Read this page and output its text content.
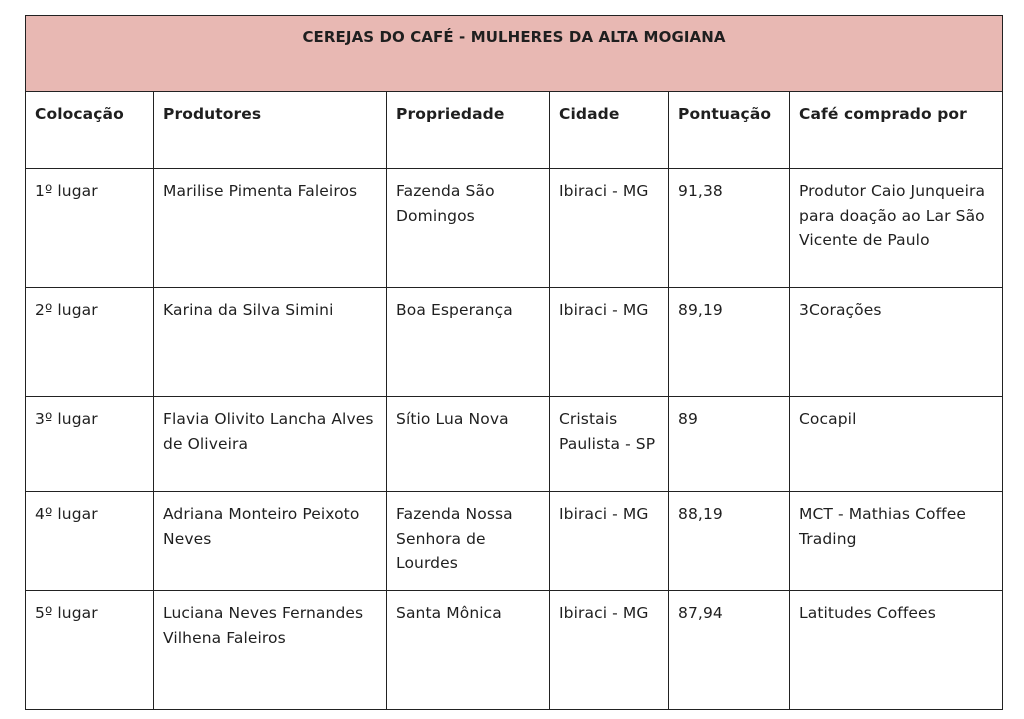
CEREJAS DO CAFÉ - MULHERES DA ALTA MOGIANA					
Colocação	Produtores	Propriedade	Cidade	Pontuação	Café comprado por
1º lugar	Marilise Pimenta Faleiros	Fazenda São Domingos	Ibiraci - MG	91,38	Produtor Caio Junqueira para doação ao Lar São Vicente de Paulo
2º lugar	Karina da Silva Simini	Boa Esperança	Ibiraci - MG	89,19	3Corações
3º lugar	Flavia Olivito Lancha Alves de Oliveira	Sítio Lua Nova	Cristais Paulista - SP	89	Cocapil
4º lugar	Adriana Monteiro Peixoto Neves	Fazenda Nossa Senhora de Lourdes	Ibiraci - MG	88,19	MCT - Mathias Coffee Trading
5º lugar	Luciana Neves Fernandes Vilhena Faleiros	Santa Mônica	Ibiraci - MG	87,94	Latitudes Coffees
